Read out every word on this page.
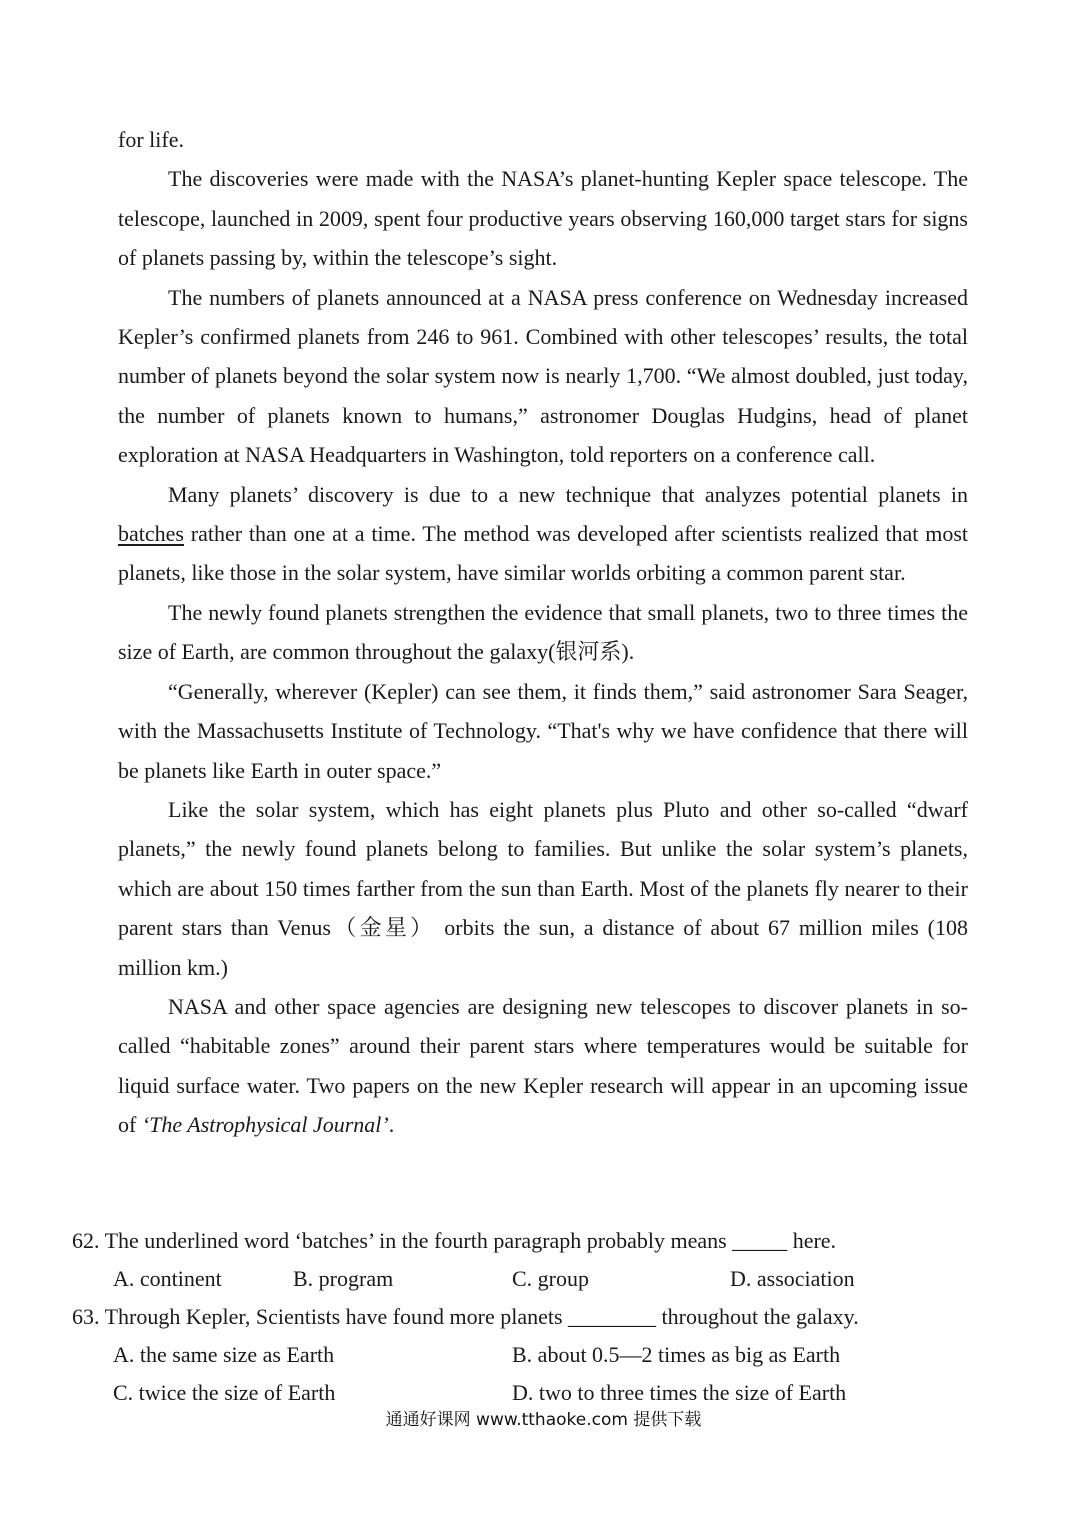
for life.

The discoveries were made with the NASA’s planet-hunting Kepler space telescope. The telescope, launched in 2009, spent four productive years observing 160,000 target stars for signs of planets passing by, within the telescope’s sight.

The numbers of planets announced at a NASA press conference on Wednesday increased Kepler’s confirmed planets from 246 to 961. Combined with other telescopes’ results, the total number of planets beyond the solar system now is nearly 1,700. “We almost doubled, just today, the number of planets known to humans,” astronomer Douglas Hudgins, head of planet exploration at NASA Headquarters in Washington, told reporters on a conference call.

Many planets’ discovery is due to a new technique that analyzes potential planets in batches rather than one at a time. The method was developed after scientists realized that most planets, like those in the solar system, have similar worlds orbiting a common parent star.

The newly found planets strengthen the evidence that small planets, two to three times the size of Earth, are common throughout the galaxy(银河系).

“Generally, wherever (Kepler) can see them, it finds them,” said astronomer Sara Seager, with the Massachusetts Institute of Technology. “That's why we have confidence that there will be planets like Earth in outer space.”

Like the solar system, which has eight planets plus Pluto and other so-called “dwarf planets,” the newly found planets belong to families. But unlike the solar system’s planets, which are about 150 times farther from the sun than Earth. Most of the planets fly nearer to their parent stars than Venus（金星） orbits the sun, a distance of about 67 million miles (108 million km.)

NASA and other space agencies are designing new telescopes to discover planets in so-called “habitable zones” around their parent stars where temperatures would be suitable for liquid surface water. Two papers on the new Kepler research will appear in an upcoming issue of ‘The Astrophysical Journal’.

62. The underlined word ‘batches’ in the fourth paragraph probably means _____ here.
A. continent	B. program	C. group	D. association
63. Through Kepler, Scientists have found more planets ________ throughout the galaxy.
A. the same size as Earth	B. about 0.5—2 times as big as Earth
C. twice the size of Earth	D. two to three times the size of Earth
通通好课网 www.tthaoke.com 提供下载
